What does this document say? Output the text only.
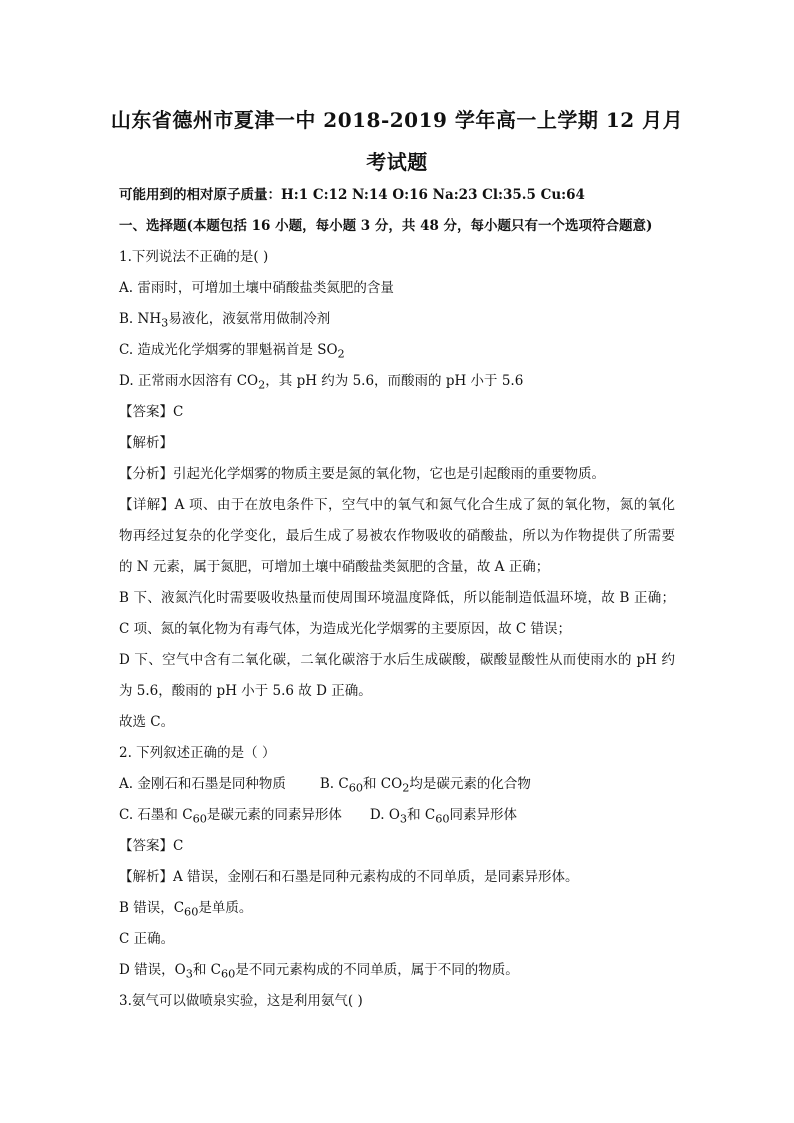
山东省德州市夏津一中 2018-2019 学年高一上学期 12 月月
考试题
可能用到的相对原子质量：H:1 C:12 N:14 O:16 Na:23 Cl:35.5 Cu:64
一、选择题(本题包括 16 小题，每小题 3 分，共 48 分，每小题只有一个选项符合题意)
1.下列说法不正确的是( )
A. 雷雨时，可增加土壤中硝酸盐类氮肥的含量
B. $NH_3$易液化，液氨常用做制冷剂
C. 造成光化学烟雾的罪魁祸首是 $SO_2$
D. 正常雨水因溶有 $CO_2$，其 pH 约为 5.6，而酸雨的 pH 小于 5.6
【答案】C
【解析】
【分析】引起光化学烟雾的物质主要是氮的氧化物，它也是引起酸雨的重要物质。
【详解】A 项、由于在放电条件下，空气中的氧气和氮气化合生成了氮的氧化物，氮的氧化
物再经过复杂的化学变化，最后生成了易被农作物吸收的硝酸盐，所以为作物提供了所需要
的 N 元素，属于氮肥，可增加土壤中硝酸盐类氮肥的含量，故 A 正确；
B 下、液氮汽化时需要吸收热量而使周围环境温度降低，所以能制造低温环境，故 B 正确；
C 项、氮的氧化物为有毒气体，为造成光化学烟雾的主要原因，故 C 错误；
D 下、空气中含有二氧化碳，二氧化碳溶于水后生成碳酸，碳酸显酸性从而使雨水的 pH 约
为 5.6，酸雨的 pH 小于 5.6 故 D 正确。
故选 C。
2. 下列叙述正确的是（ ）
A. 金刚石和石墨是同种物质	B. $C_{60}$和 $CO_2$均是碳元素的化合物
C. 石墨和 $C_{60}$是碳元素的同素异形体 D. $O_3$和 $C_{60}$同素异形体
【答案】C
【解析】A 错误，金刚石和石墨是同种元素构成的不同单质，是同素异形体。
B 错误，$C_{60}$是单质。
C 正确。
D 错误，$O_3$和 $C_{60}$是不同元素构成的不同单质，属于不同的物质。
3.氨气可以做喷泉实验，这是利用氨气( )
